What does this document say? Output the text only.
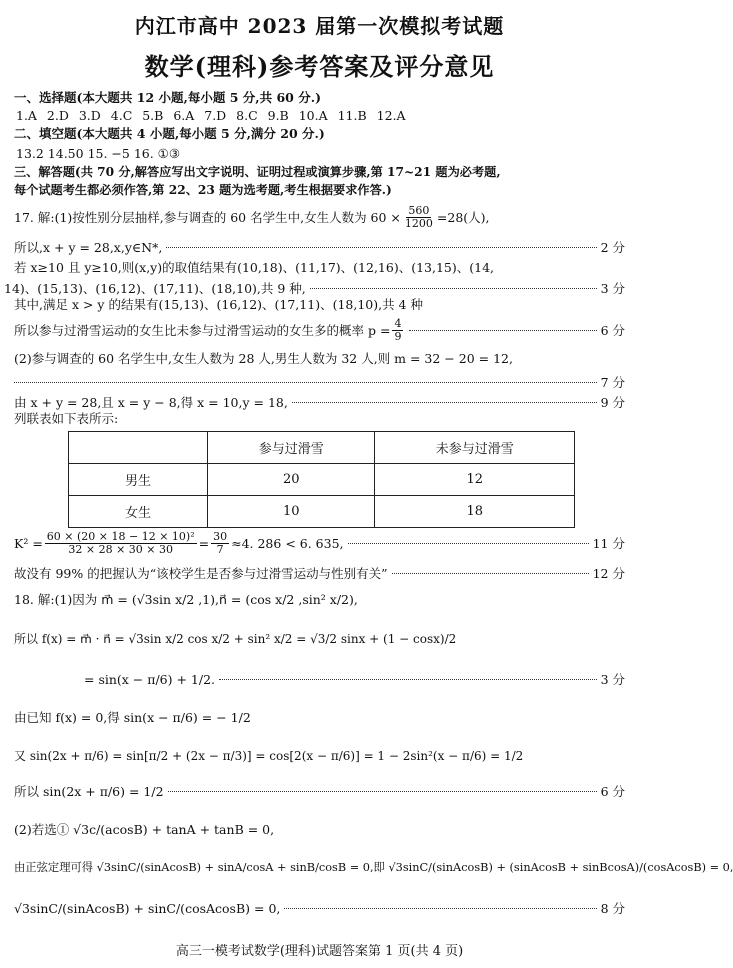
内江市高中 2023 届第一次模拟考试题
数学(理科)参考答案及评分意见
一、选择题(本大题共 12 小题,每小题 5 分,共 60 分.)
1.A 2.D 3.D 4.C 5.B 6.A 7.D 8.C 9.B 10.A 11.B 12.A
二、填空题(本大题共 4 小题,每小题 5 分,满分 20 分.)
13.2 14.50 15. −5 16. ①③
三、解答题(共 70 分,解答应写出文字说明、证明过程或演算步骤,第 17~21 题为必考题,
每个试题考生都必须作答,第 22、23 题为选考题,考生根据要求作答.)
17. 解:(1)按性别分层抽样,参与调查的 60 名学生中,女生人数为 $60 \times \frac{560}{1200} =28$(人),
所以,x + y = 28,x,y∈N*,	2 分
若 x≥10 且 y≥10,则(x,y)的取值结果有(10,18)、(11,17)、(12,16)、(13,15)、(14,
14)、(15,13)、(16,12)、(17,11)、(18,10),共 9 种,	3 分
其中,满足 x > y 的结果有(15,13)、(16,12)、(17,11)、(18,10),共 4 种
所以参与过滑雪运动的女生比未参与过滑雪运动的女生多的概率 $p = \frac{4}{9}$	6 分
(2)参与调查的 60 名学生中,女生人数为 28 人,男生人数为 32 人,则 m = 32 − 20 = 12,
7 分
由 x + y = 28,且 x = y − 8,得 x = 10,y = 18,	9 分
列联表如下表所示:
	参与过滑雪	未参与过滑雪
男生	20	12
女生	10	18
$K^2 = \frac{\text{60 × (20 × 18 − 12 × 10)²}}{32 \times 28 \times 30 \times 30} = \frac{30}{7} \approx 4$. 286 < 6. 635,	11 分
故没有 99% 的把握认为“该校学生是否参与过滑雪运动与性别有关”	12 分
18. 解:(1)因为 m⃗ = (√3sin x/2 ,1),n⃗ = (cos x/2 ,sin² x/2),
所以 f(x) = m⃗ · n⃗ = √3sin x/2 cos x/2 + sin² x/2 = √3/2 sinx + (1 − cosx)/2
= sin(x − π/6) + 1/2.	3 分
由已知 f(x) = 0,得 sin(x − π/6) = − 1/2
又 sin(2x + π/6) = sin[π/2 + (2x − π/3)] = cos[2(x − π/6)] = 1 − 2sin²(x − π/6) = 1/2
所以 sin(2x + π/6) = 1/2	6 分
(2)若选① √3c/(acosB) + tanA + tanB = 0,
由正弦定理可得 √3sinC/(sinAcosB) + sinA/cosA + sinB/cosB = 0,即 √3sinC/(sinAcosB) + (sinAcosB + sinBcosA)/(cosAcosB) = 0,
√3sinC/(sinAcosB) + sinC/(cosAcosB) = 0,	8 分
高三一模考试数学(理科)试题答案第 1 页(共 4 页)
